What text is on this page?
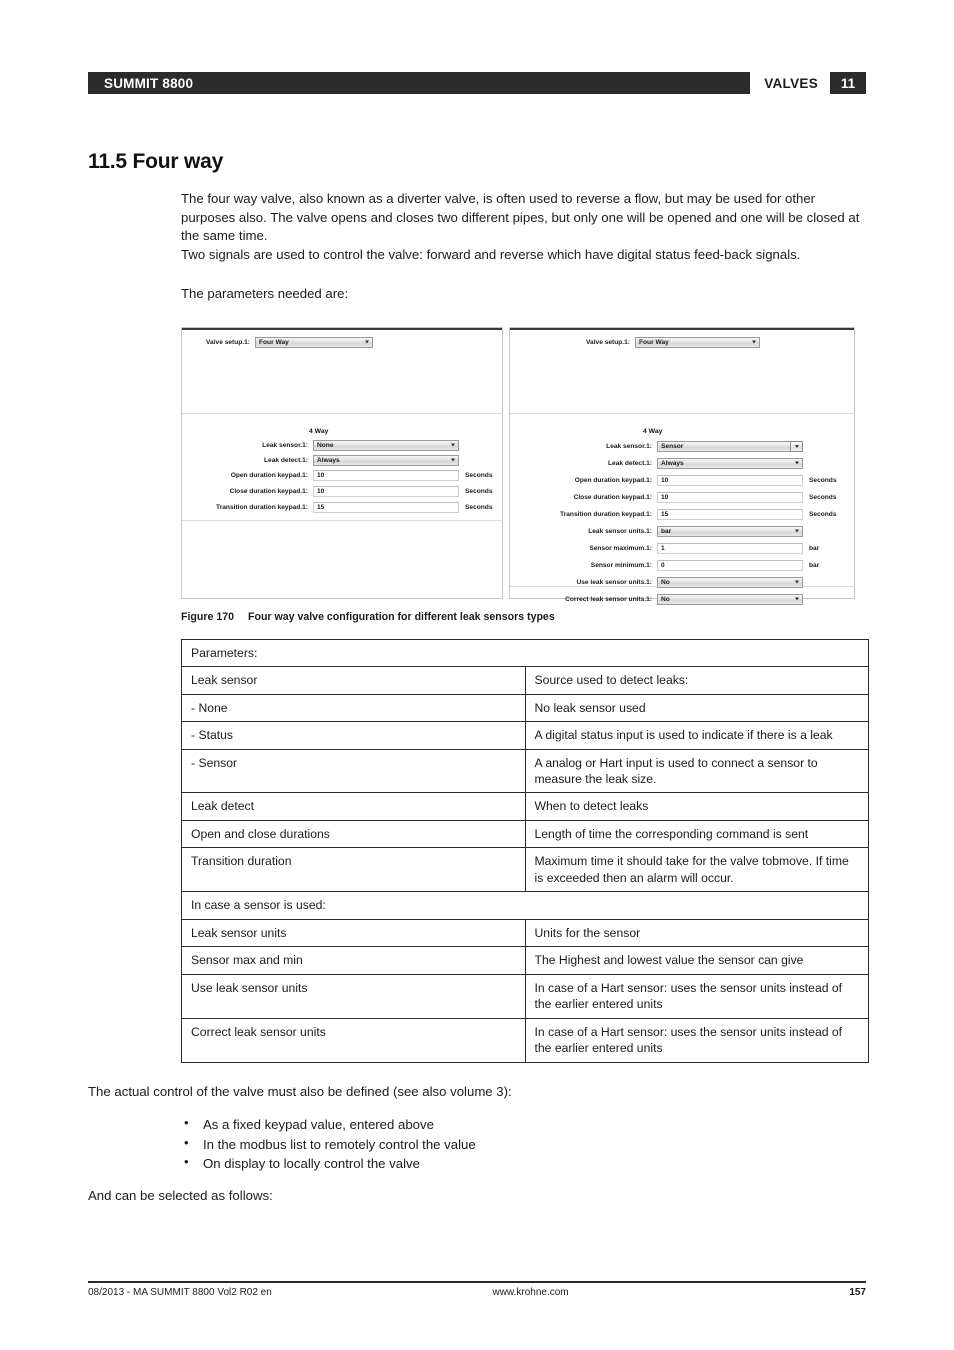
SUMMIT 8800	VALVES	11
11.5 Four way

The four way valve, also known as a diverter valve, is often used to reverse a flow, but may be used for other purposes also. The valve opens and closes two different pipes, but only one will be opened and one will be closed at the same time.

Two signals are used to control the valve: forward and reverse which have digital status feed-back signals.

The parameters needed are:

Valve setup.1:	Four Way
4 Way
Leak sensor.1:	None
Leak detect.1:	Always
Open duration keypad.1:	10	Seconds
Close duration keypad.1:	10	Seconds
Transition duration keypad.1:	15	Seconds
Valve setup.1:	Four Way
4 Way
Leak sensor.1:	Sensor
Leak detect.1:	Always
Open duration keypad.1:	10	Seconds
Close duration keypad.1:	10	Seconds
Transition duration keypad.1:	15	Seconds
Leak sensor units.1:	bar
Sensor maximum.1:	1	bar
Sensor minimum.1:	0	bar
Use leak sensor units.1:	No
Correct leak sensor units.1:	No
Figure 170 Four way valve configuration for different leak sensors types
Parameters:	
Leak sensor	Source used to detect leaks:
- None	No leak sensor used
- Status	A digital status input is used to indicate if there is a leak
- Sensor	A analog or Hart input is used to connect a sensor to measure the leak size.
Leak detect	When to detect leaks
Open and close durations	Length of time the corresponding command is sent
Transition duration	Maximum time it should take for the valve tobmove. If time is exceeded then an alarm will occur.
In case a sensor is used:	
Leak sensor units	Units for the sensor
Sensor max and min	The Highest and lowest value the sensor can give
Use leak sensor units	In case of a Hart sensor: uses the sensor units instead of the earlier entered units
Correct leak sensor units	In case of a Hart sensor: uses the sensor units instead of the earlier entered units

The actual control of the valve must also be defined (see also volume 3):

• As a fixed keypad value, entered above
• In the modbus list to remotely control the value
• On display to locally control the valve

And can be selected as follows:

08/2013 - MA SUMMIT 8800 Vol2 R02 en	www.krohne.com	157
